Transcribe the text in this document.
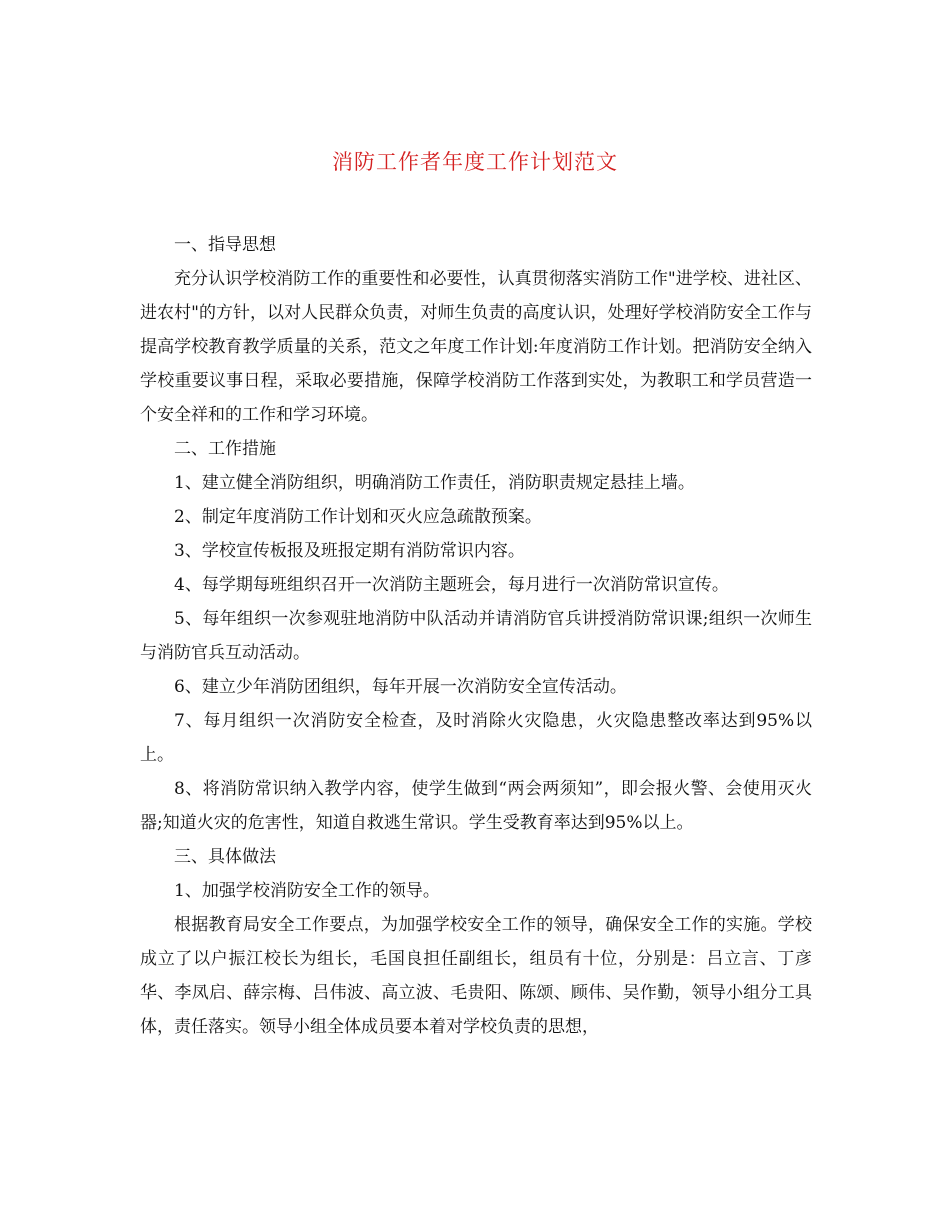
消防工作者年度工作计划范文

一、指导思想

充分认识学校消防工作的重要性和必要性，认真贯彻落实消防工作"进学校、进社区、进农村"的方针，以对人民群众负责，对师生负责的高度认识，处理好学校消防安全工作与提高学校教育教学质量的关系，范文之年度工作计划:年度消防工作计划。把消防安全纳入学校重要议事日程，采取必要措施，保障学校消防工作落到实处，为教职工和学员营造一个安全祥和的工作和学习环境。

二、工作措施

1、建立健全消防组织，明确消防工作责任，消防职责规定悬挂上墙。

2、制定年度消防工作计划和灭火应急疏散预案。

3、学校宣传板报及班报定期有消防常识内容。

4、每学期每班组织召开一次消防主题班会，每月进行一次消防常识宣传。

5、每年组织一次参观驻地消防中队活动并请消防官兵讲授消防常识课;组织一次师生与消防官兵互动活动。

6、建立少年消防团组织，每年开展一次消防安全宣传活动。

7、每月组织一次消防安全检查，及时消除火灾隐患，火灾隐患整改率达到95%以上。

8、将消防常识纳入教学内容，使学生做到“两会两须知”，即会报火警、会使用灭火器;知道火灾的危害性，知道自救逃生常识。学生受教育率达到95%以上。

三、具体做法

1、加强学校消防安全工作的领导。

根据教育局安全工作要点，为加强学校安全工作的领导，确保安全工作的实施。学校成立了以户振江校长为组长，毛国良担任副组长，组员有十位，分别是：吕立言、丁彦华、李凤启、薛宗梅、吕伟波、高立波、毛贵阳、陈颂、顾伟、吴作勤，领导小组分工具体，责任落实。领导小组全体成员要本着对学校负责的思想，
